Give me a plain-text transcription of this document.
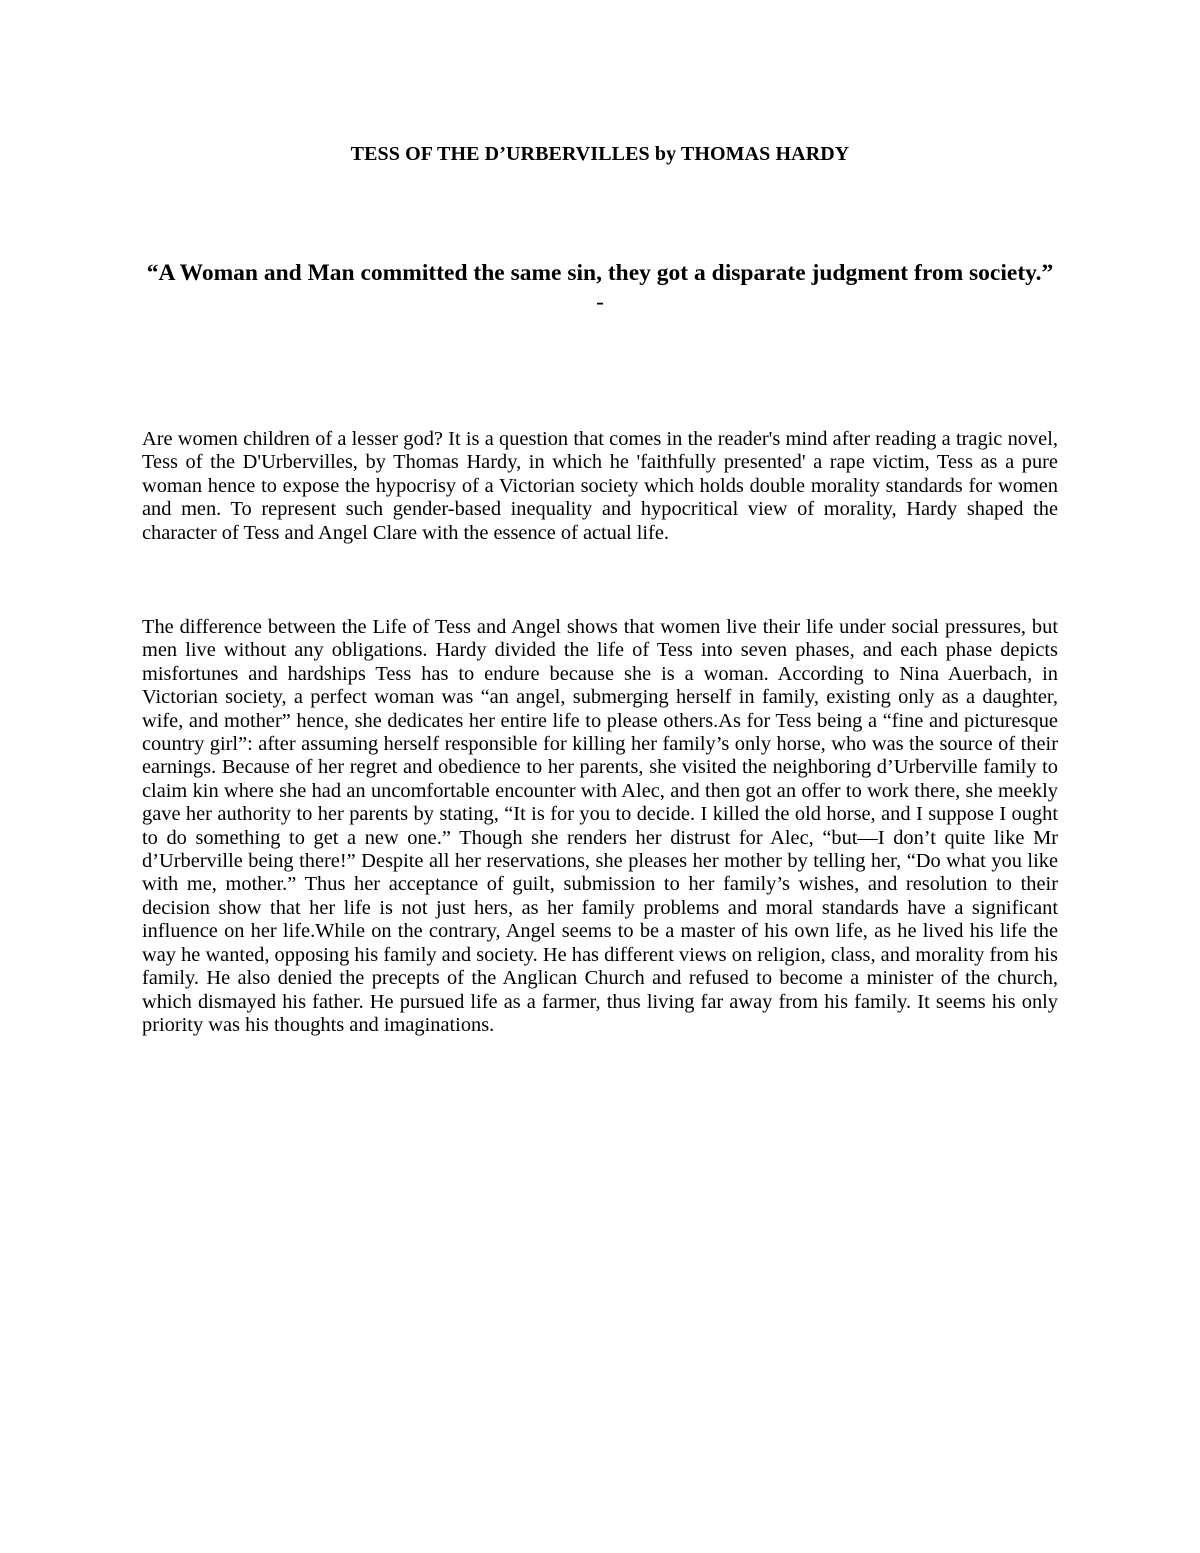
TESS OF THE D’URBERVILLES by THOMAS HARDY
“A Woman and Man committed the same sin, they got a disparate judgment from society.” -

Are women children of a lesser god? It is a question that comes in the reader's mind after reading a tragic novel, Tess of the D'Urbervilles, by Thomas Hardy, in which he 'faithfully presented' a rape victim, Tess as a pure woman hence to expose the hypocrisy of a Victorian society which holds double morality standards for women and men. To represent such gender-based inequality and hypocritical view of morality, Hardy shaped the character of Tess and Angel Clare with the essence of actual life.

The difference between the Life of Tess and Angel shows that women live their life under social pressures, but men live without any obligations. Hardy divided the life of Tess into seven phases, and each phase depicts misfortunes and hardships Tess has to endure because she is a woman. According to Nina Auerbach, in Victorian society, a perfect woman was “an angel, submerging herself in family, existing only as a daughter, wife, and mother” hence, she dedicates her entire life to please others.As for Tess being a “fine and picturesque country girl”: after assuming herself responsible for killing her family’s only horse, who was the source of their earnings. Because of her regret and obedience to her parents, she visited the neighboring d’Urberville family to claim kin where she had an uncomfortable encounter with Alec, and then got an offer to work there, she meekly gave her authority to her parents by stating, “It is for you to decide. I killed the old horse, and I suppose I ought to do something to get a new one.” Though she renders her distrust for Alec, “but—I don’t quite like Mr d’Urberville being there!” Despite all her reservations, she pleases her mother by telling her, “Do what you like with me, mother.” Thus her acceptance of guilt, submission to her family’s wishes, and resolution to their decision show that her life is not just hers, as her family problems and moral standards have a significant influence on her life.While on the contrary, Angel seems to be a master of his own life, as he lived his life the way he wanted, opposing his family and society. He has different views on religion, class, and morality from his family. He also denied the precepts of the Anglican Church and refused to become a minister of the church, which dismayed his father. He pursued life as a farmer, thus living far away from his family. It seems his only priority was his thoughts and imaginations.
